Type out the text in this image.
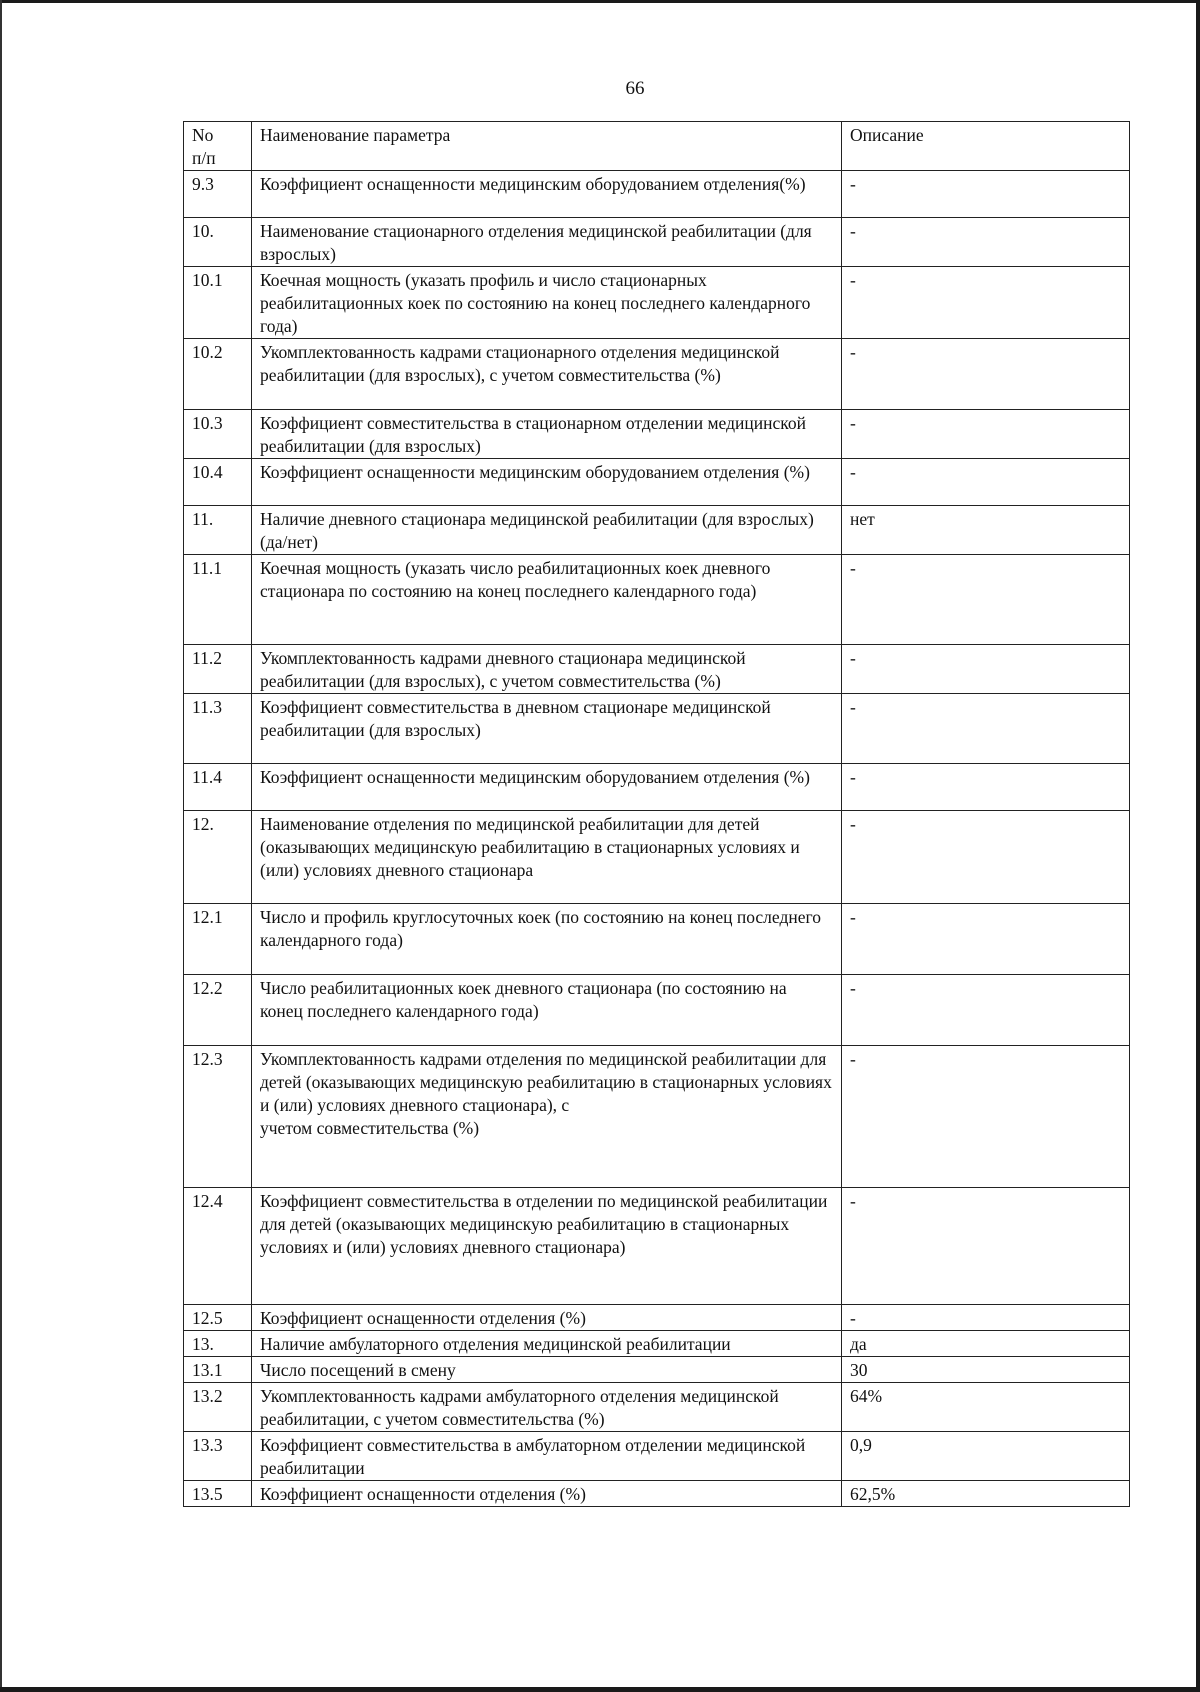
66
No
п/п	Наименование параметра	Описание
9.3	Коэффициент оснащенности медицинским оборудованием отделения(%)	-
10.	Наименование стационарного отделения медицинской реабилитации (для взрослых)	-
10.1	Коечная мощность (указать профиль и число стационарных реабилитационных коек по состоянию на конец последнего календарного года)	-
10.2	Укомплектованность кадрами стационарного отделения медицинской реабилитации (для взрослых), с учетом совместительства (%)	-
10.3	Коэффициент совместительства в стационарном отделении медицинской реабилитации (для взрослых)	-
10.4	Коэффициент оснащенности медицинским оборудованием отделения (%)	-
11.	Наличие дневного стационара медицинской реабилитации (для взрослых) (да/нет)	нет
11.1	Коечная мощность (указать число реабилитационных коек дневного стационара по состоянию на конец последнего календарного года)	-
11.2	Укомплектованность кадрами дневного стационара медицинской реабилитации (для взрослых), с учетом совместительства (%)	-
11.3	Коэффициент совместительства в дневном стационаре медицинской реабилитации (для взрослых)	-
11.4	Коэффициент оснащенности медицинским оборудованием отделения (%)	-
12.	Наименование отделения по медицинской реабилитации для детей (оказывающих медицинскую реабилитацию в стационарных условиях и (или) условиях дневного стационара	-
12.1	Число и профиль круглосуточных коек (по состоянию на конец последнего календарного года)	-
12.2	Число реабилитационных коек дневного стационара (по состоянию на конец последнего календарного года)	-
12.3	Укомплектованность кадрами отделения по медицинской реабилитации для детей (оказывающих медицинскую реабилитацию в стационарных условиях и (или) условиях дневного стационара), с
учетом совместительства (%)	-
12.4	Коэффициент совместительства в отделении по медицинской реабилитации для детей (оказывающих медицинскую реабилитацию в стационарных условиях и (или) условиях дневного стационара)	-
12.5	Коэффициент оснащенности отделения (%)	-
13.	Наличие амбулаторного отделения медицинской реабилитации	да
13.1	Число посещений в смену	30
13.2	Укомплектованность кадрами амбулаторного отделения медицинской реабилитации, с учетом совместительства (%)	64%
13.3	Коэффициент совместительства в амбулаторном отделении медицинской реабилитации	0,9
13.5	Коэффициент оснащенности отделения (%)	62,5%
